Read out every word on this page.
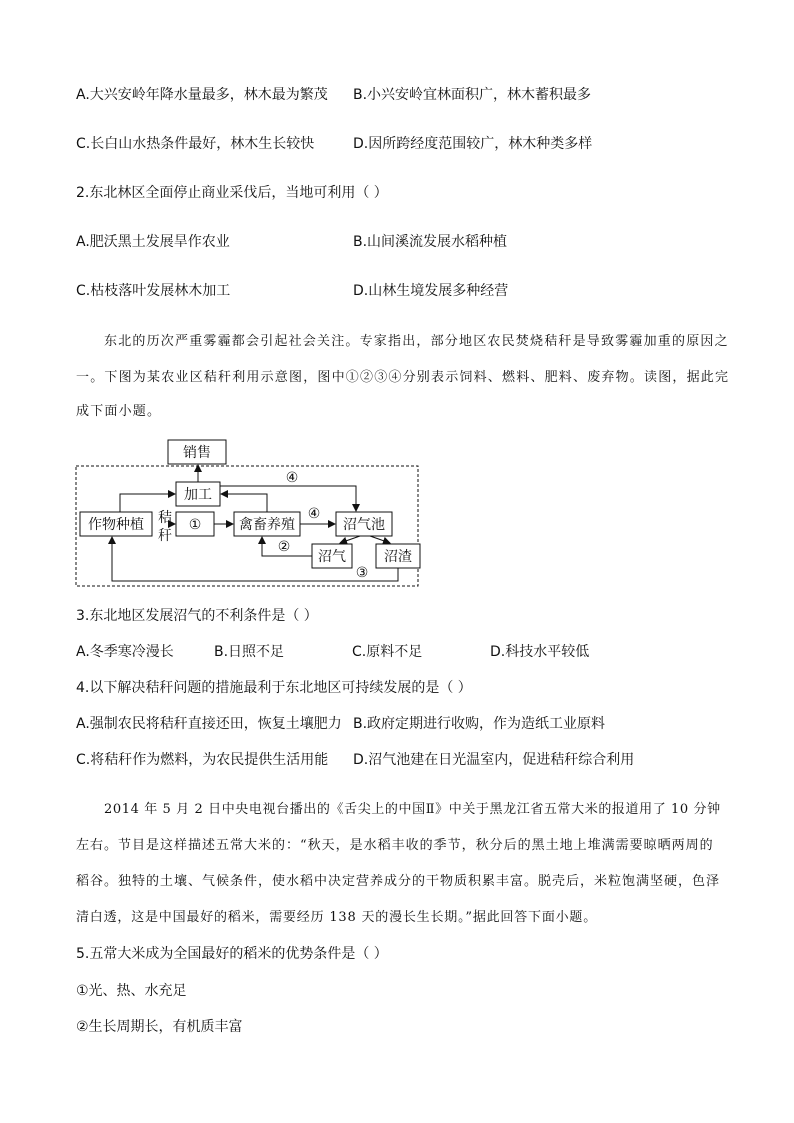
A.大兴安岭年降水量最多，林木最为繁茂 B.小兴安岭宜林面积广，林木蓄积最多
C.长白山水热条件最好，林木生长较快	D.因所跨经度范围较广，林木种类多样
2.东北林区全面停止商业采伐后，当地可利用（ ）
A.肥沃黑土发展旱作农业	B.山间溪流发展水稻种植
C.枯枝落叶发展林木加工	D.山林生境发展多种经营
东北的历次严重雾霾都会引起社会关注。专家指出，部分地区农民焚烧秸秆是导致雾霾加重的原因之
一。下图为某农业区秸秆利用示意图，图中①②③④分别表示饲料、燃料、肥料、废弃物。读图，据此完
成下面小题。
销售
加工
作物种植 秸
秆
①	禽畜养殖	沼气池
沼气	沼渣
④
④
②
③
3.东北地区发展沼气的不利条件是（ ）
A.冬季寒冷漫长	B.日照不足	C.原料不足	D.科技水平较低
4.以下解决秸秆问题的措施最利于东北地区可持续发展的是（ ）
A.强制农民将秸秆直接还田，恢复土壤肥力 B.政府定期进行收购，作为造纸工业原料
C.将秸秆作为燃料，为农民提供生活用能 D.沼气池建在日光温室内，促进秸秆综合利用
2014 年 5 月 2 日中央电视台播出的《舌尖上的中国Ⅱ》中关于黑龙江省五常大米的报道用了 10 分钟
左右。节目是这样描述五常大米的：“秋天，是水稻丰收的季节，秋分后的黑土地上堆满需要晾晒两周的
稻谷。独特的土壤、气候条件，使水稻中决定营养成分的干物质积累丰富。脱壳后，米粒饱满坚硬，色泽
清白透，这是中国最好的稻米，需要经历 138 天的漫长生长期。”据此回答下面小题。
5.五常大米成为全国最好的稻米的优势条件是（ ）
①光、热、水充足
②生长周期长，有机质丰富
